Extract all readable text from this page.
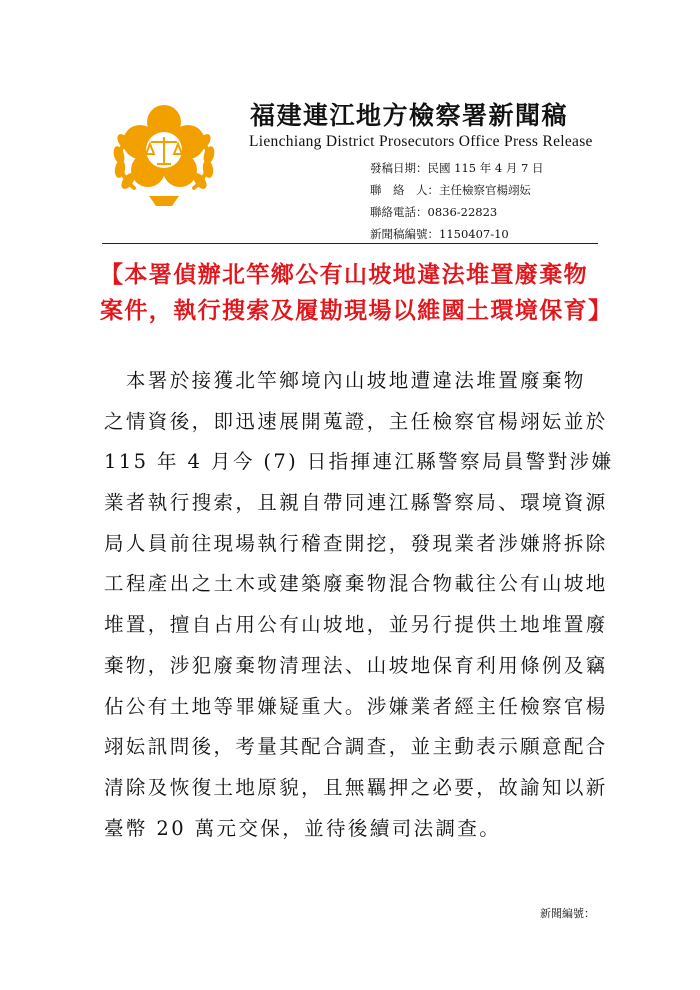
福建連江地方檢察署新聞稿
Lienchiang District Prosecutors Office Press Release
發稿日期：民國 115 年 4 月 7 日
聯　絡　人：主任檢察官楊翊妘
聯絡電話：0836-22823
新聞稿編號：1150407-10
【本署偵辦北竿鄉公有山坡地違法堆置廢棄物
案件，執行搜索及履勘現場以維國土環境保育】
　本署於接獲北竿鄉境內山坡地遭違法堆置廢棄物
之情資後，即迅速展開蒐證，主任檢察官楊翊妘並於
115 年 4 月今 (7) 日指揮連江縣警察局員警對涉嫌
業者執行搜索，且親自帶同連江縣警察局、環境資源
局人員前往現場執行稽查開挖，發現業者涉嫌將拆除
工程產出之土木或建築廢棄物混合物載往公有山坡地
堆置，擅自占用公有山坡地，並另行提供土地堆置廢
棄物，涉犯廢棄物清理法、山坡地保育利用條例及竊
佔公有土地等罪嫌疑重大。涉嫌業者經主任檢察官楊
翊妘訊問後，考量其配合調查，並主動表示願意配合
清除及恢復土地原貌，且無羈押之必要，故諭知以新
臺幣 20 萬元交保，並待後續司法調查。
新聞編號：
